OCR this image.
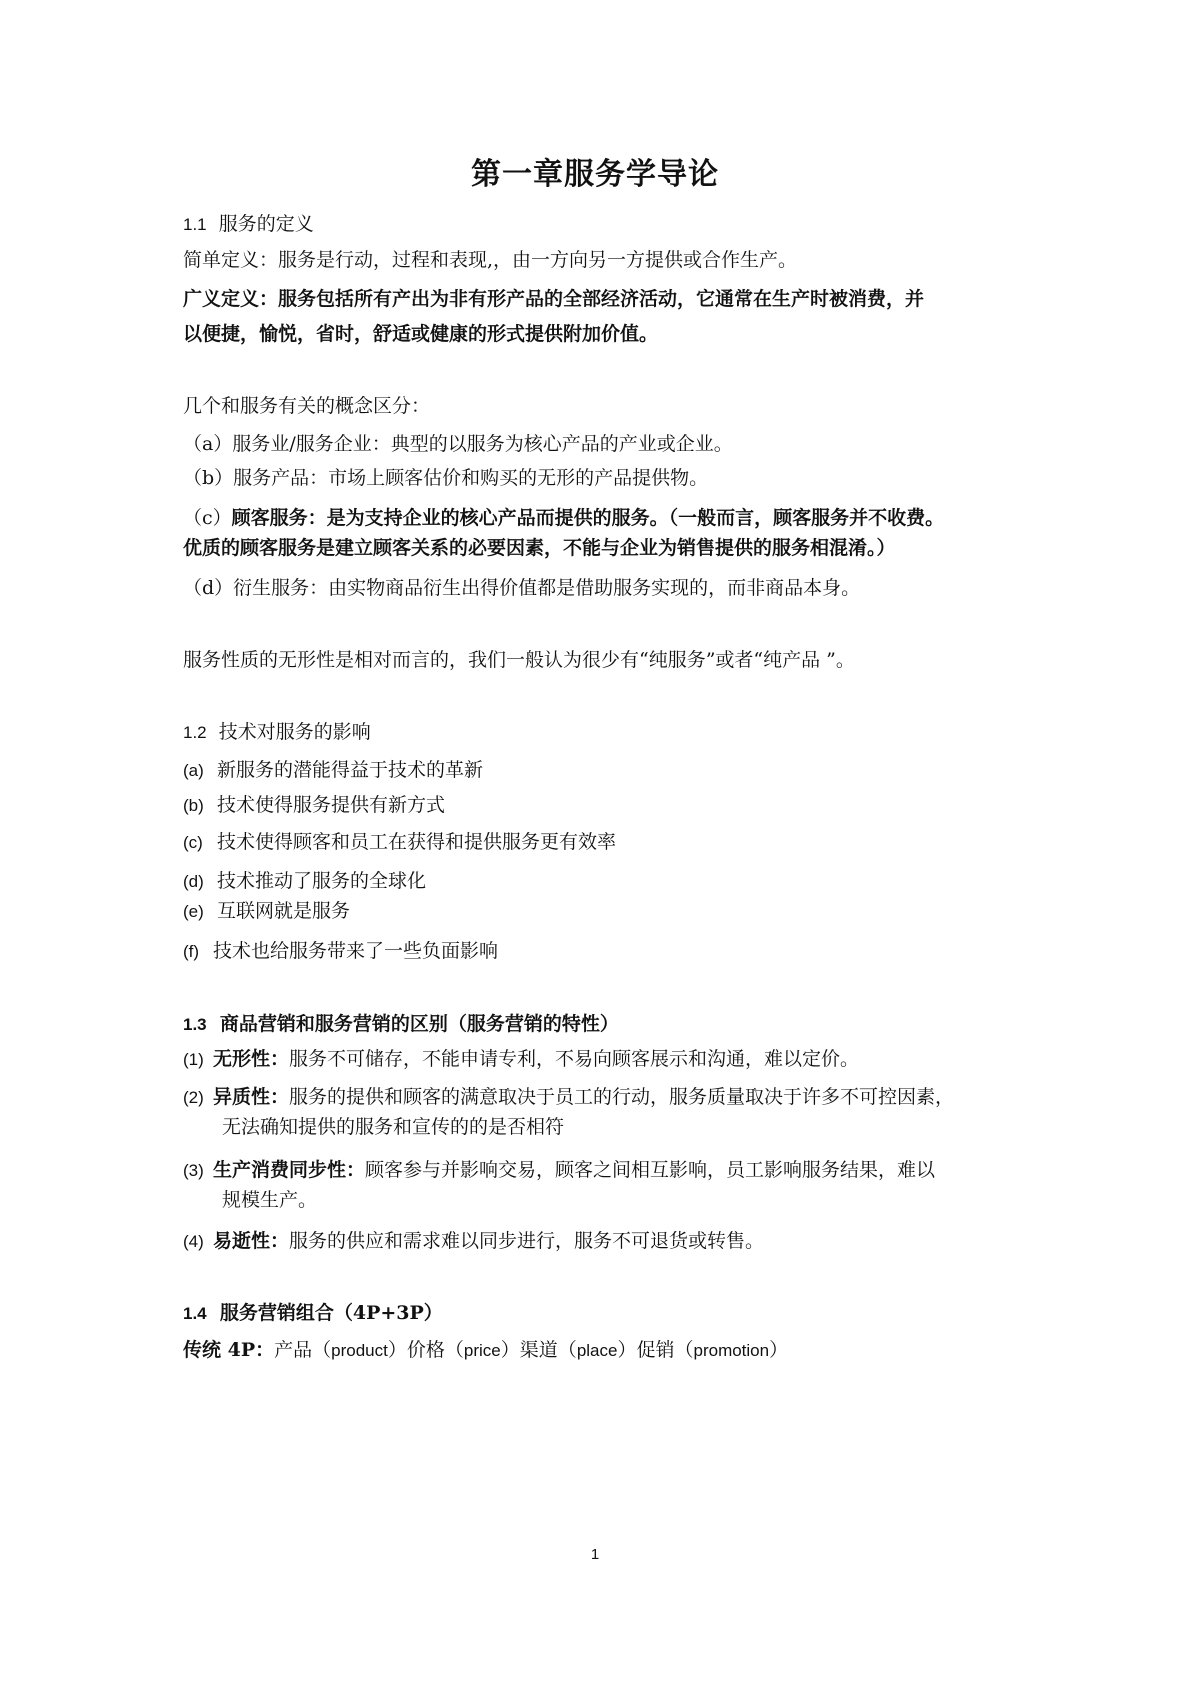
第一章服务学导论
1.1 服务的定义
简单定义：服务是行动，过程和表现,，由一方向另一方提供或合作生产。
广义定义：服务包括所有产出为非有形产品的全部经济活动，它通常在生产时被消费，并
以便捷，愉悦，省时，舒适或健康的形式提供附加价值。
几个和服务有关的概念区分：
（a）服务业/服务企业：典型的以服务为核心产品的产业或企业。
（b）服务产品：市场上顾客估价和购买的无形的产品提供物。
（c）顾客服务：是为支持企业的核心产品而提供的服务。（一般而言，顾客服务并不收费。
优质的顾客服务是建立顾客关系的必要因素，不能与企业为销售提供的服务相混淆。）
（d）衍生服务：由实物商品衍生出得价值都是借助服务实现的，而非商品本身。
服务性质的无形性是相对而言的，我们一般认为很少有“纯服务”或者“纯产品 ”。
1.2 技术对服务的影响
(a) 新服务的潜能得益于技术的革新
(b) 技术使得服务提供有新方式
(c) 技术使得顾客和员工在获得和提供服务更有效率
(d) 技术推动了服务的全球化
(e) 互联网就是服务
(f) 技术也给服务带来了一些负面影响
1.3 商品营销和服务营销的区别（服务营销的特性）
(1) 无形性：服务不可储存，不能申请专利，不易向顾客展示和沟通，难以定价。
(2) 异质性：服务的提供和顾客的满意取决于员工的行动，服务质量取决于许多不可控因素，
无法确知提供的服务和宣传的的是否相符
(3) 生产消费同步性：顾客参与并影响交易，顾客之间相互影响，员工影响服务结果，难以
规模生产。
(4) 易逝性：服务的供应和需求难以同步进行，服务不可退货或转售。
1.4 服务营销组合（4P+3P）
传统 4P：产品（product）价格（price）渠道（place）促销（promotion）
1
